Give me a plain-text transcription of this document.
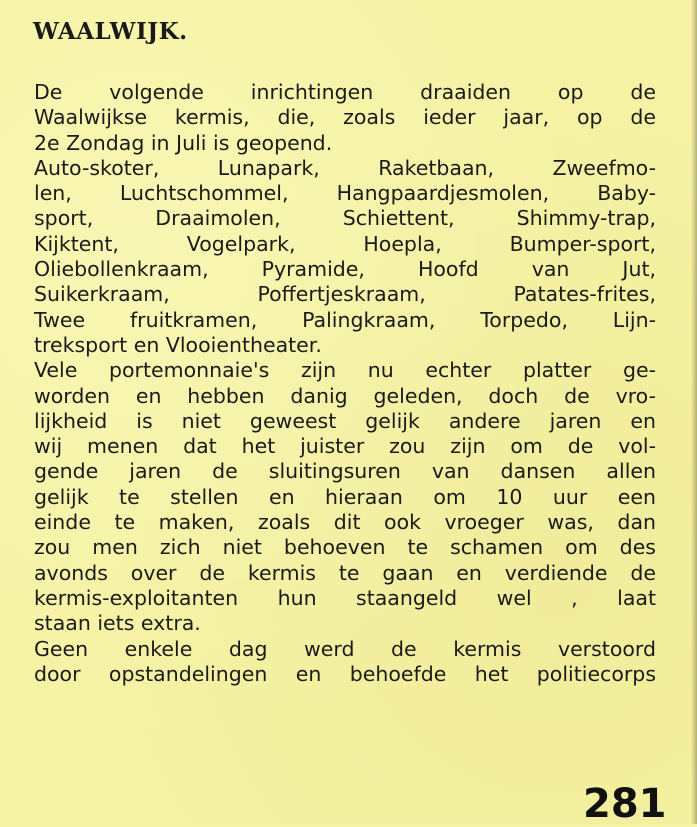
WAALWIJK.
De volgende inrichtingen draaiden op de
Waalwijkse kermis, die, zoals ieder jaar, op de
2e Zondag in Juli is geopend.
Auto-skoter, Lunapark, Raketbaan, Zweefmo-
len, Luchtschommel, Hangpaardjesmolen, Baby-
sport, Draaimolen, Schiettent, Shimmy-trap,
Kijktent, Vogelpark, Hoepla, Bumper-sport,
Oliebollenkraam, Pyramide, Hoofd van Jut,
Suikerkraam, Poffertjeskraam, Patates-frites,
Twee fruitkramen, Palingkraam, Torpedo, Lijn-
treksport en Vlooientheater.
Vele portemonnaie's zijn nu echter platter ge-
worden en hebben danig geleden, doch de vro-
lijkheid is niet geweest gelijk andere jaren en
wij menen dat het juister zou zijn om de vol-
gende jaren de sluitingsuren van dansen allen
gelijk te stellen en hieraan om 10 uur een
einde te maken, zoals dit ook vroeger was, dan
zou men zich niet behoeven te schamen om des
avonds over de kermis te gaan en verdiende de
kermis-exploitanten hun staangeld wel , laat
staan iets extra.
Geen enkele dag werd de kermis verstoord
door opstandelingen en behoefde het politiecorps
281
